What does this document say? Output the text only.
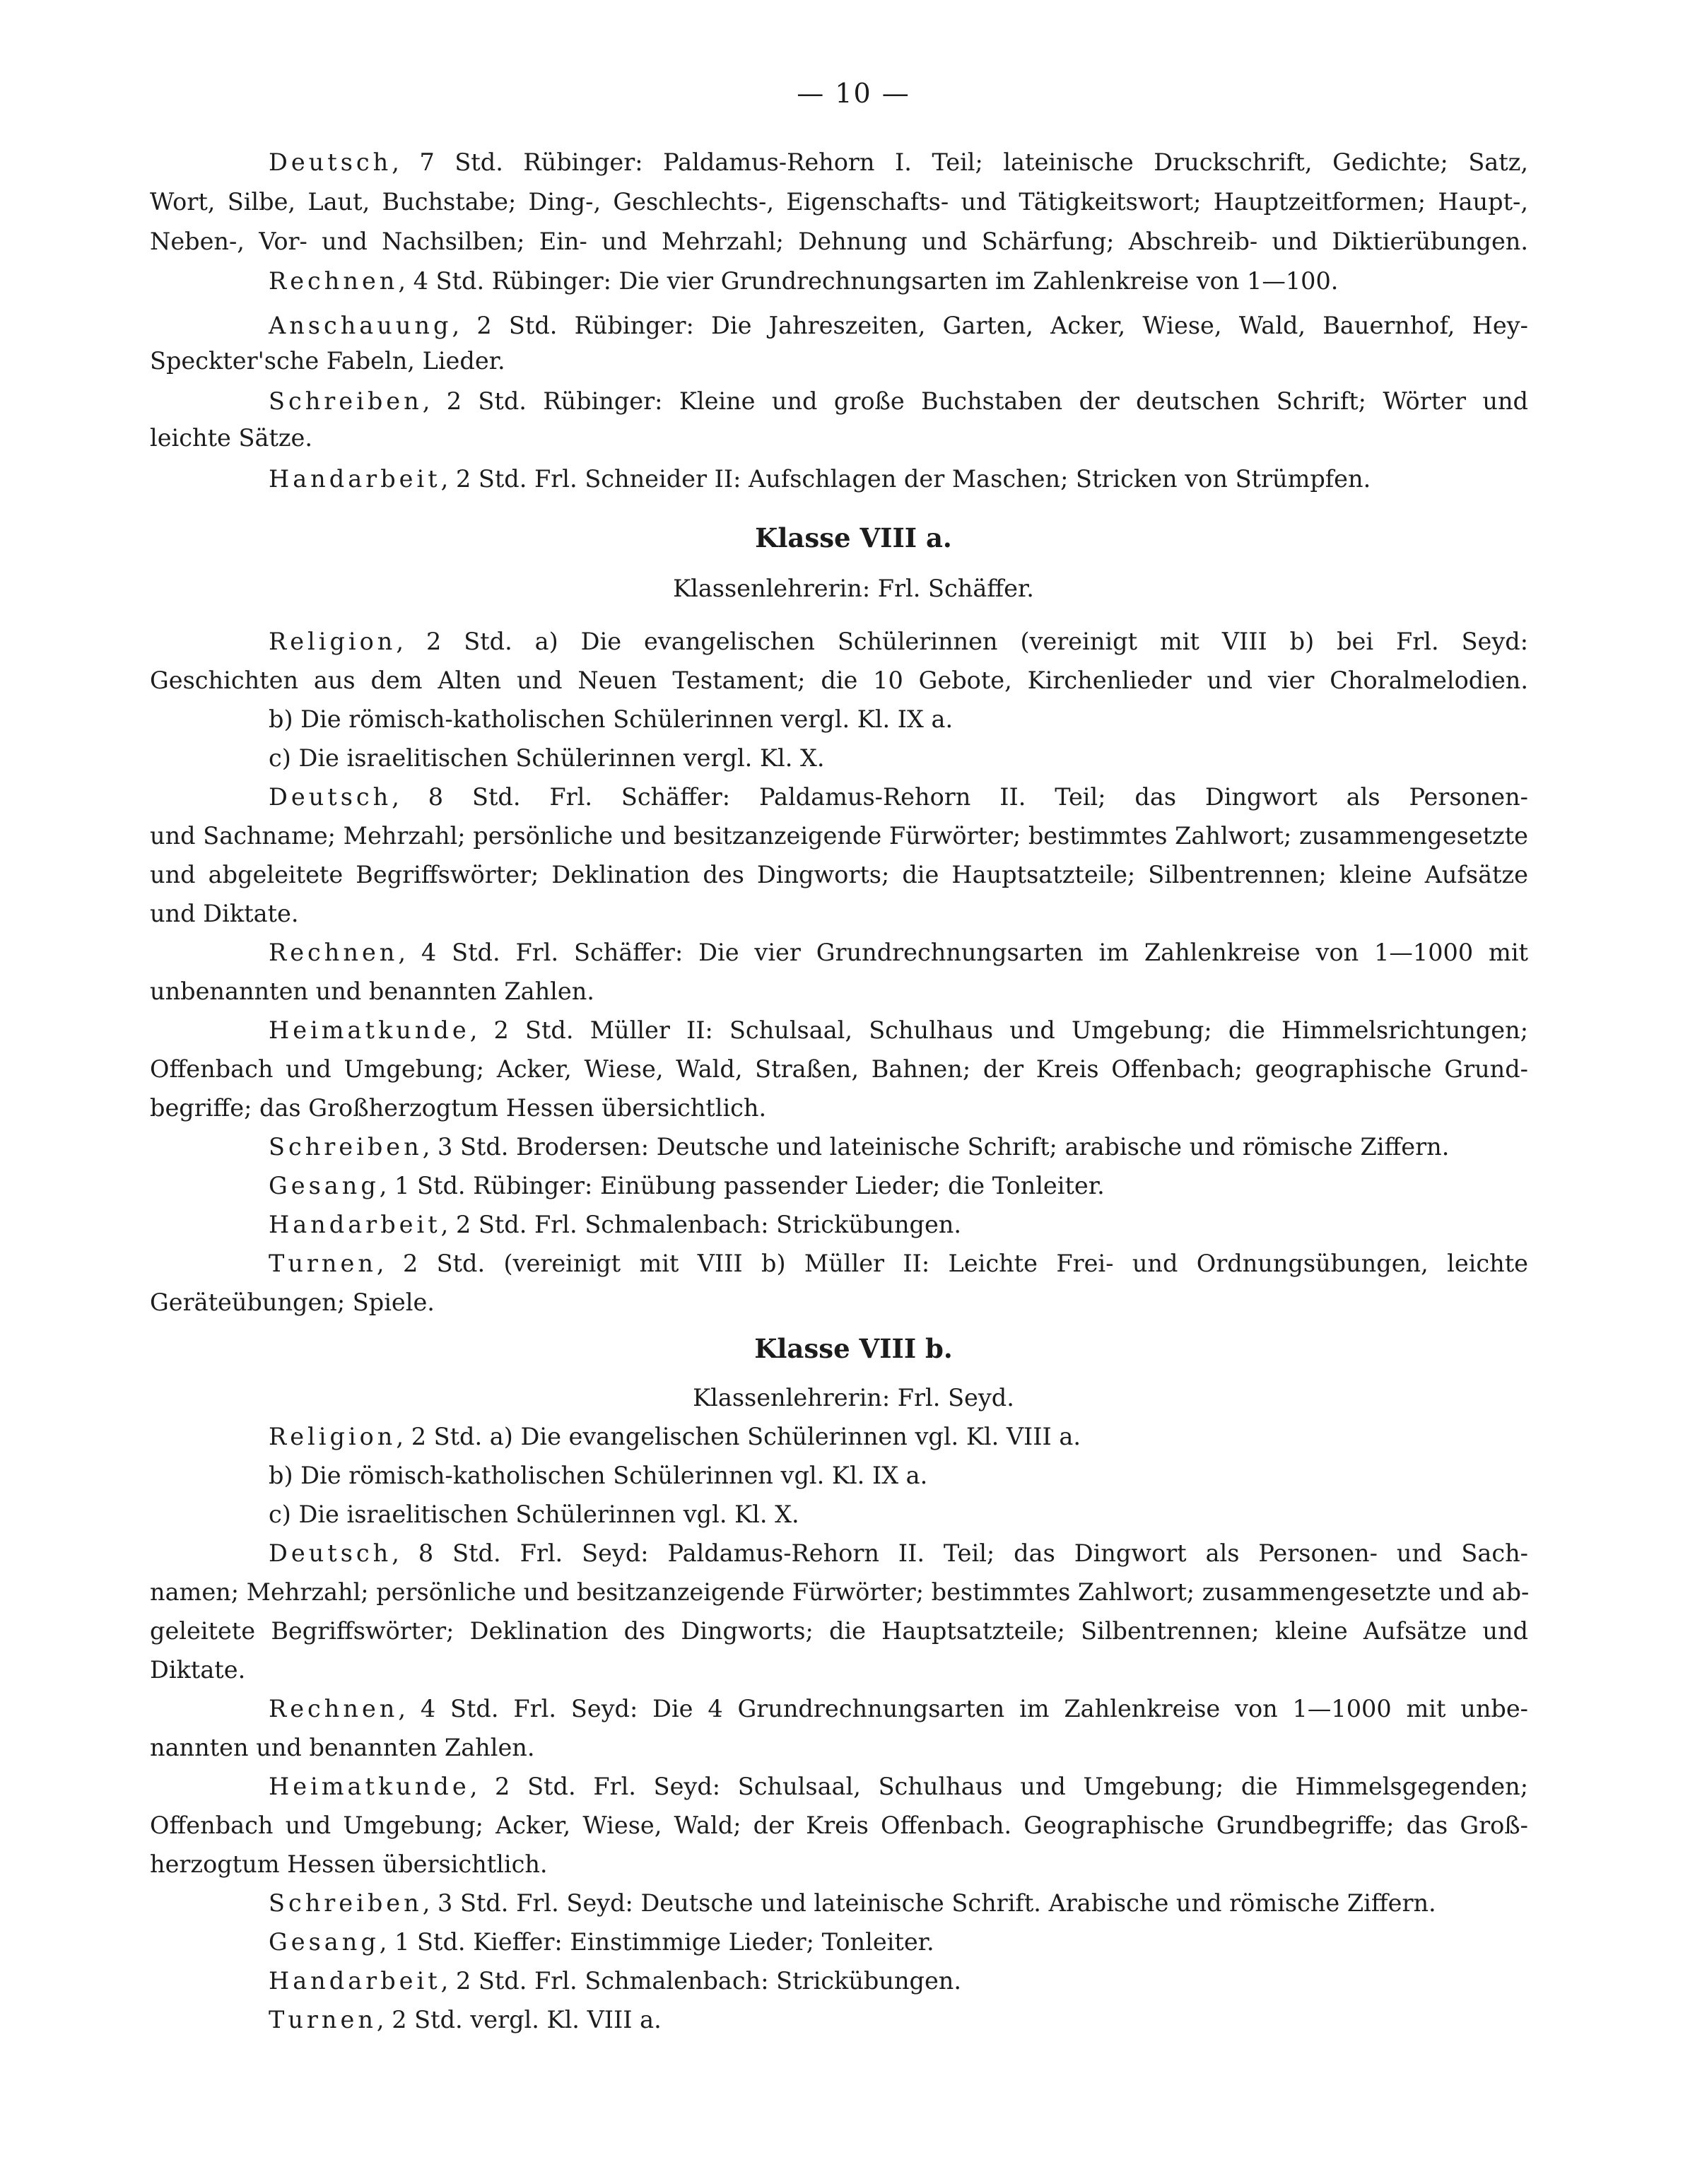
— 10 —
Deutsch, 7 Std. Rübinger: Paldamus-Rehorn I. Teil; lateinische Druckschrift, Gedichte; Satz,
Wort, Silbe, Laut, Buchstabe; Ding-, Geschlechts-, Eigenschafts- und Tätigkeitswort; Hauptzeitformen; Haupt-,
Neben-, Vor- und Nachsilben; Ein- und Mehrzahl; Dehnung und Schärfung; Abschreib- und Diktierübungen.
Rechnen, 4 Std. Rübinger: Die vier Grundrechnungsarten im Zahlenkreise von 1—100.
Anschauung, 2 Std. Rübinger: Die Jahreszeiten, Garten, Acker, Wiese, Wald, Bauernhof, Hey-
Speckter'sche Fabeln, Lieder.
Schreiben, 2 Std. Rübinger: Kleine und große Buchstaben der deutschen Schrift; Wörter und
leichte Sätze.
Handarbeit, 2 Std. Frl. Schneider II: Aufschlagen der Maschen; Stricken von Strümpfen.
Klasse VIII a.
Klassenlehrerin: Frl. Schäffer.
Religion, 2 Std. a) Die evangelischen Schülerinnen (vereinigt mit VIII b) bei Frl. Seyd:
Geschichten aus dem Alten und Neuen Testament; die 10 Gebote, Kirchenlieder und vier Choralmelodien.
b) Die römisch-katholischen Schülerinnen vergl. Kl. IX a.
c) Die israelitischen Schülerinnen vergl. Kl. X.
Deutsch, 8 Std. Frl. Schäffer: Paldamus-Rehorn II. Teil; das Dingwort als Personen-
und Sachname; Mehrzahl; persönliche und besitzanzeigende Fürwörter; bestimmtes Zahlwort; zusammengesetzte
und abgeleitete Begriffswörter; Deklination des Dingworts; die Hauptsatzteile; Silbentrennen; kleine Aufsätze
und Diktate.
Rechnen, 4 Std. Frl. Schäffer: Die vier Grundrechnungsarten im Zahlenkreise von 1—1000 mit
unbenannten und benannten Zahlen.
Heimatkunde, 2 Std. Müller II: Schulsaal, Schulhaus und Umgebung; die Himmelsrichtungen;
Offenbach und Umgebung; Acker, Wiese, Wald, Straßen, Bahnen; der Kreis Offenbach; geographische Grund-
begriffe; das Großherzogtum Hessen übersichtlich.
Schreiben, 3 Std. Brodersen: Deutsche und lateinische Schrift; arabische und römische Ziffern.
Gesang, 1 Std. Rübinger: Einübung passender Lieder; die Tonleiter.
Handarbeit, 2 Std. Frl. Schmalenbach: Strickübungen.
Turnen, 2 Std. (vereinigt mit VIII b) Müller II: Leichte Frei- und Ordnungsübungen, leichte
Geräteübungen; Spiele.
Klasse VIII b.
Klassenlehrerin: Frl. Seyd.
Religion, 2 Std. a) Die evangelischen Schülerinnen vgl. Kl. VIII a.
b) Die römisch-katholischen Schülerinnen vgl. Kl. IX a.
c) Die israelitischen Schülerinnen vgl. Kl. X.
Deutsch, 8 Std. Frl. Seyd: Paldamus-Rehorn II. Teil; das Dingwort als Personen- und Sach-
namen; Mehrzahl; persönliche und besitzanzeigende Fürwörter; bestimmtes Zahlwort; zusammengesetzte und ab-
geleitete Begriffswörter; Deklination des Dingworts; die Hauptsatzteile; Silbentrennen; kleine Aufsätze und
Diktate.
Rechnen, 4 Std. Frl. Seyd: Die 4 Grundrechnungsarten im Zahlenkreise von 1—1000 mit unbe-
nannten und benannten Zahlen.
Heimatkunde, 2 Std. Frl. Seyd: Schulsaal, Schulhaus und Umgebung; die Himmelsgegenden;
Offenbach und Umgebung; Acker, Wiese, Wald; der Kreis Offenbach. Geographische Grundbegriffe; das Groß-
herzogtum Hessen übersichtlich.
Schreiben, 3 Std. Frl. Seyd: Deutsche und lateinische Schrift. Arabische und römische Ziffern.
Gesang, 1 Std. Kieffer: Einstimmige Lieder; Tonleiter.
Handarbeit, 2 Std. Frl. Schmalenbach: Strickübungen.
Turnen, 2 Std. vergl. Kl. VIII a.
